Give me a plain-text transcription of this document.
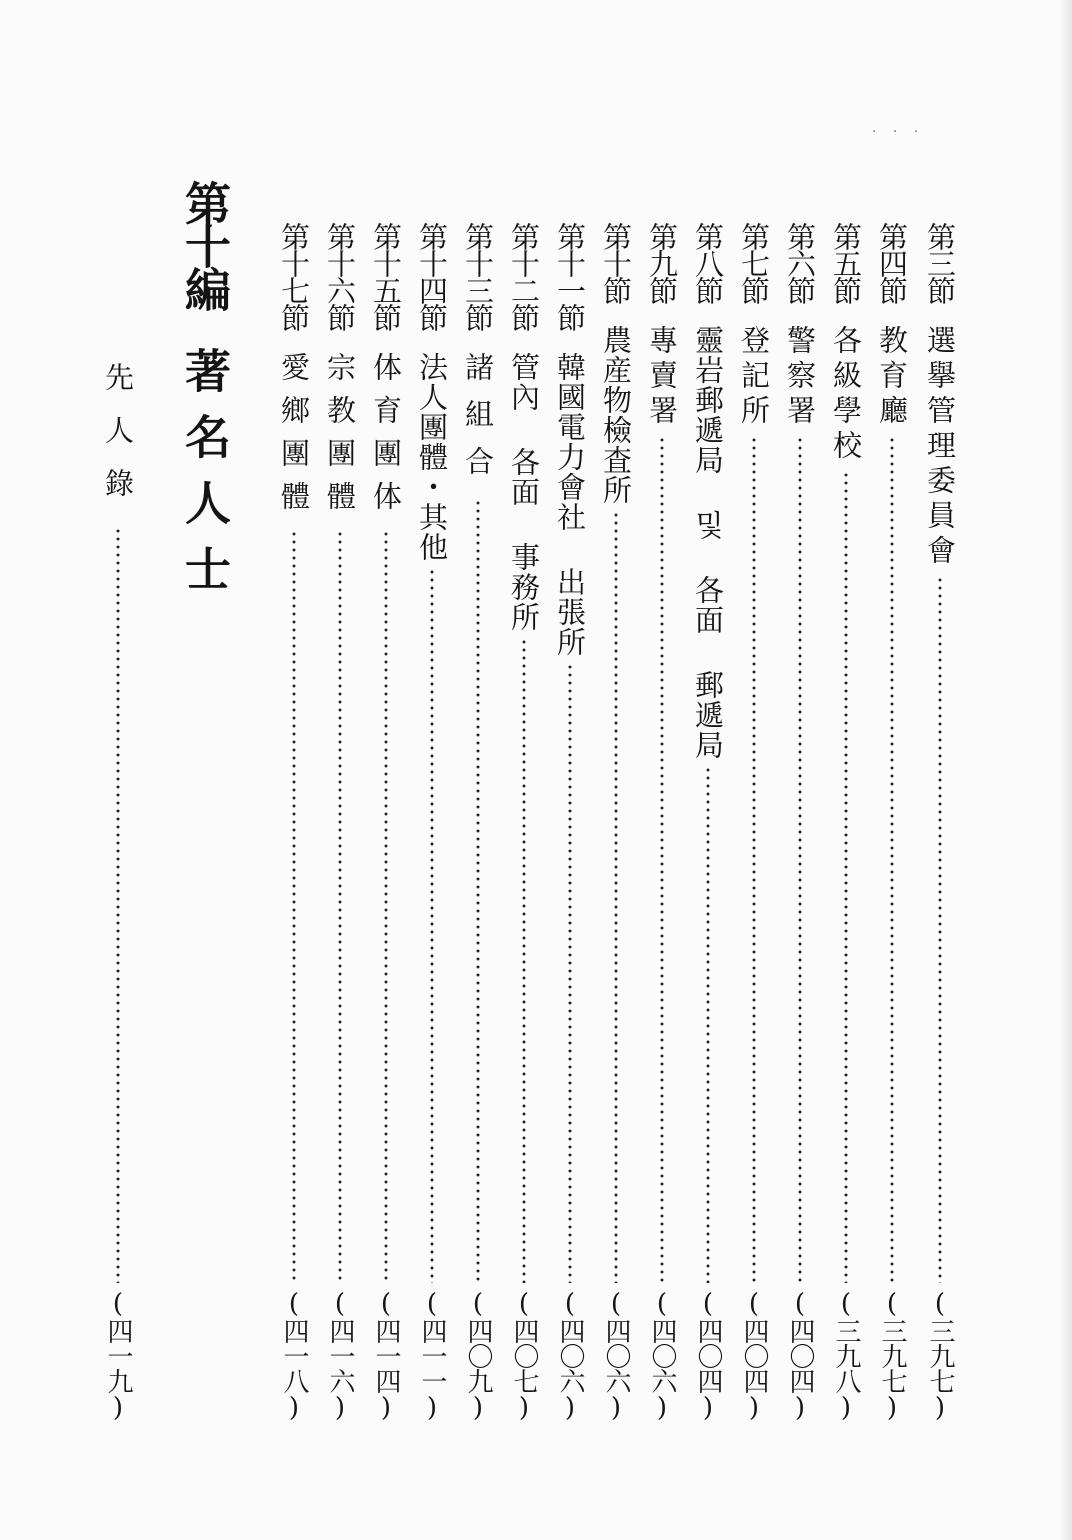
· · ·
第三節
選擧管理委員會
(三九七)
第四節
教育廳
(三九七)
第五節
各級學校
(三九八)
第六節
警察署
(四〇四)
第七節
登記所
(四〇四)
第八節
靈岩郵遞局 및 各面 郵遞局
(四〇四)
第九節
專賣署
(四〇六)
第十節
農産物檢査所
(四〇六)
第十一節
韓國電力會社 出張所
(四〇六)
第十二節
管內 各面 事務所
(四〇七)
第十三節
諸組合
(四〇九)
第十四節
法人團體・其他
(四一一)
第十五節
体育團体
(四一四)
第十六節
宗教團體
(四一六)
第十七節
愛鄉團體
(四一八)
第十編
著名人士
先人錄
(四一九)
